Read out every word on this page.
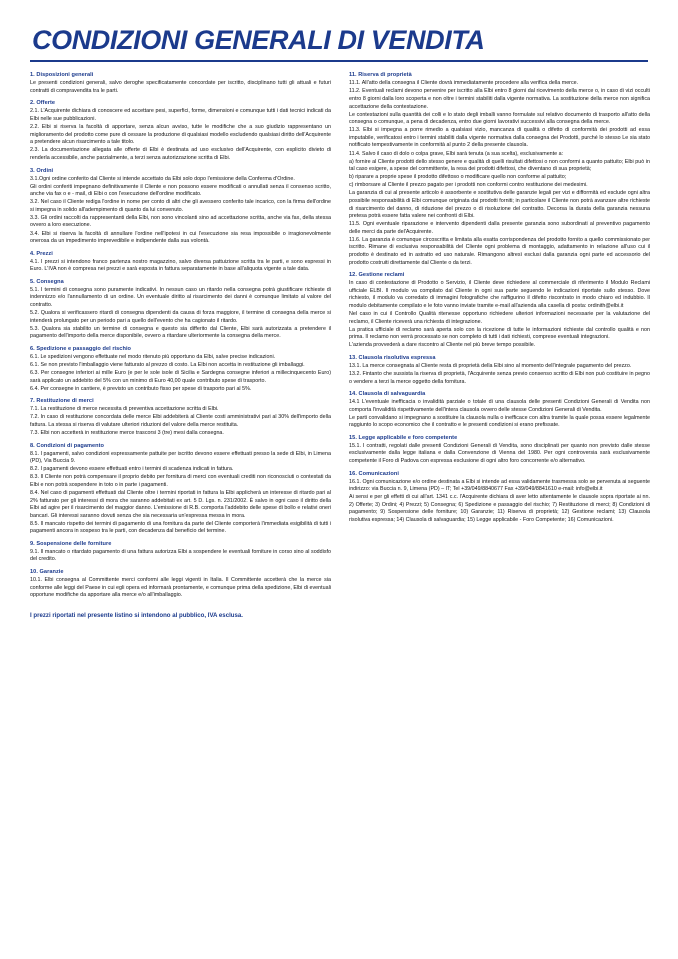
CONDIZIONI GENERALI DI VENDITA
1. Disposizioni generali

Le presenti condizioni generali, salvo deroghe specificatamente concordate per iscritto, disciplinano tutti gli attuali e futuri contratti di compravendita tra le parti.

2. Offerte

2.1. L'Acquirente dichiara di conoscere ed accettare pesi, superfici, forme, dimensioni e comunque tutti i dati tecnici indicati da Elbi nelle sue pubblicazioni.

2.2. Elbi si riserva la facoltà di apportare, senza alcun avviso, tutte le modifiche che a suo giudizio rappresentano un miglioramento del prodotto come pure di cessare la produzione di qualsiasi modello escludendo qualsiasi diritto dell'Acquirente a pretendere alcun risarcimento a tale titolo.

2.3. La documentazione allegata alle offerte di Elbi è destinata ad uso esclusivo dell'Acquirente, con esplicito divieto di renderla accessibile, anche parzialmente, a terzi senza autorizzazione scritta di Elbi.

3. Ordini

3.1.Ogni ordine conferito dal Cliente si intende accettato da Elbi solo dopo l'emissione della Conferma d'Ordine.

Gli ordini conferiti impegnano definitivamente il Cliente e non possono essere modificati o annullati senza il consenso scritto, anche via fax o e - mail, di Elbi o con l'esecuzione dell'ordine modificato.

3.2. Nel caso il Cliente rediga l'ordine in nome per conto di altri che gli avessero conferito tale incarico, con la firma dell'ordine si impegna in solido all'adempimento di quanto da lui convenuto.

3.3. Gli ordini raccolti da rappresentanti della Elbi, non sono vincolanti sino ad accettazione scritta, anche via fax, della stessa ovvero a loro esecuzione.

3.4. Elbi si riserva la facoltà di annullare l'ordine nell'ipotesi in cui l'esecuzione sia resa impossibile o irragionevolmente onerosa da un impedimento imprevedibile e indipendente dalla sua volontà.

4. Prezzi

4.1. I prezzi si intendono franco partenza nostro magazzino, salvo diversa pattuizione scritta tra le parti, e sono espressi in Euro. L'IVA non è compresa nei prezzi e sarà esposta in fattura separatamente in base all'aliquota vigente a tale data.

5. Consegna

5.1. I termini di consegna sono puramente indicativi. In nessun caso un ritardo nella consegna potrà giustificare richieste di indennizzo e/o l'annullamento di un ordine. Un eventuale diritto al risarcimento dei danni è comunque limitato al valore del contratto.

5.2. Qualora si verificassero ritardi di consegna dipendenti da causa di forza maggiore, il termine di consegna della merce si intenderà prolungato per un periodo pari a quello dell'evento che ha cagionato il ritardo.

5.3. Qualora sia stabilito un termine di consegna e questo sia differito dal Cliente, Elbi sarà autorizzata a pretendere il pagamento dell'importo della merce disponibile, ovvero a ritardare ulteriormente la consegna della merce.

6. Spedizione e passaggio del rischio

6.1. Le spedizioni vengono effettuate nel modo ritenuto più opportuno da Elbi, salve precise indicazioni.

6.1. Se non previsto l'imballaggio viene fatturato al prezzo di costo. La Elbi non accetta in restituzione gli imballaggi.

6.3. Per consegne inferiori ai mille Euro (e per le sole isole di Sicilia e Sardegna consegne inferiori a millecinquecento Euro) sarà applicato un addebito del 5% con un minimo di Euro 40,00 quale contributo spese di trasporto.

6.4. Per consegne in cantiere, è previsto un contributo fisso per spese di trasporto pari al 5%.

7. Restituzione di merci

7.1. La restituzione di merce necessita di preventiva accettazione scritta di Elbi.

7.2. In caso di restituzione concordata delle merce Elbi addebiterà al Cliente costi amministrativi pari al 30% dell'importo della fattura. La stessa si riserva di valutare ulteriori riduzioni del valore della merce restituita.

7.3. Elbi non accetterà in restituzione merce trascorsi 3 (tre) mesi dalla consegna.

8. Condizioni di pagamento

8.1. I pagamenti, salvo condizioni espressamente pattuite per iscritto devono essere effettuati presso la sede di Elbi, in Limena (PD), Via Buccia 9.

8.2. I pagamenti devono essere effettuati entro i termini di scadenza indicati in fattura.

8.3. Il Cliente non potrà compensare il proprio debito per fornitura di merci con eventuali crediti non riconosciuti o contestati da Elbi e non potrà sospendere in toto o in parte i pagamenti.

8.4. Nel caso di pagamenti effettuati dal Cliente oltre i termini riportati in fattura la Elbi applicherà un interesse di ritardo pari al 2% fatturato per gli interessi di mora che saranno addebitati ex art. 5 D. Lgs. n. 231/2002. È salvo in ogni caso il diritto della Elbi ad agire per il risarcimento del maggior danno. L'emissione di R.B. comporta l'addebito delle spese di bollo e relativi oneri bancari. Gli interessi saranno dovuti senza che sia necessaria un'espressa messa in mora.

8.5. Il mancato rispetto dei termini di pagamento di una fornitura da parte del Cliente comporterà l'immediata esigibilità di tutti i pagamenti ancora in sospeso tra le parti, con decadenza dal beneficio del termine.

9. Sospensione delle forniture

9.1. Il mancato o ritardato pagamento di una fattura autorizza Elbi a sospendere le eventuali forniture in corso sino al soddisfo del credito.

10. Garanzie

10.1. Elbi consegna al Committente merci conformi alle leggi vigenti in Italia. Il Committente accetterà che la merce sia conforme alle leggi del Paese in cui egli opera ed informarà prontamente, e comunque prima della spedizione, Elbi di eventuali opportune modifiche da apportare alla merce e/o all'imballaggio.

11. Riserva di proprietà

11.1. All'atto della consegna il Cliente dovrà immediatamente procedere alla verifica della merce.

11.2. Eventuali reclami devono pervenire per iscritto alla Elbi entro 8 giorni dal ricevimento della merce o, in caso di vizi occulti entro 8 giorni dalla loro scoperta e non oltre i termini stabiliti dalla vigente normativa. La sostituzione della merce non significa accettazione della contestazione.

Le contestazioni sulla quantità dei colli e lo stato degli imballi vanno formulate sul relativo documento di trasporto all'atto della consegna o comunque, a pena di decadenza, entro due giorni lavorativi successivi alla consegna della merce.

11.3. Elbi si impegna a porre rimedio a qualsiasi vizio, mancanza di qualità o difetto di conformità dei prodotti ad essa imputabile, verificatosi entro i termini stabiliti dalla vigente normativa dalla consegna dei Prodotti, purché lo stesso Le sia stato notificato tempestivamente in conformità al punto 2 della presente clausola.

11.4. Salvo il caso di dolo o colpa grave, Elbi sarà tenuta (a sua scelta), esclusivamente a:

a) fornire al Cliente prodotti dello stesso genere e qualità di quelli risultati difettosi o non conformi a quanto pattuito; Elbi può in tal caso esigere, a spese del committente, la resa dei prodotti difettosi, che diventano di sua proprietà;

b) riparare a proprie spese il prodotto difettoso o modificare quello non conforme al pattuito;

c) rimborsare al Cliente il prezzo pagato per i prodotti non conformi contro restituzione dei medesimi.

La garanzia di cui al presente articolo è assorbente e sostitutiva delle garanzie legali per vizi e difformità ed esclude ogni altra possibile responsabilità di Elbi comunque originata dai prodotti forniti; in particolare il Cliente non potrà avanzare altre richieste di risarcimento del danno, di riduzione del prezzo o di risoluzione del contratto. Decorsa la durata della garanzia nessuna pretesa potrà essere fatta valere nei confronti di Elbi.

11.5. Ogni eventuale riparazione e intervento dipendenti dalla presente garanzia sono subordinati al preventivo pagamento delle merci da parte del'Acquirente.

11.6. La garanzia è comunque circoscritta e limitata alla esatta corrispondenza del prodotto fornito a quello commissionato per iscritto. Rimane di esclusiva responsabilità del Cliente ogni problema di montaggio, adattamento in relazione all'uso cui il prodotto è destinato ed in astratto ed uso naturale. Rimangono altresì esclusi dalla garanzia ogni parte ed accessorio del prodotto costruiti direttamente dal Cliente o da terzi.

12. Gestione reclami

In caso di contestazione di Prodotto o Servizio, il Cliente deve richiedere al commerciale di riferimento il Modulo Reclami ufficiale ELBI. Il modulo va compilato dal Cliente in ogni sua parte seguendo le indicazioni riportate sullo stesso. Dove richiesto, il modulo va corredato di immagini fotografiche che raffigurino il difetto riscontrato in modo chiaro ed indubbio. Il modulo debitamente compilato e le foto vanno inviate tramite e-mail all'azienda alla casella di posta: ordinith@elbi.it

Nel caso in cui il Controllo Qualità ritenesse opportuno richiedere ulteriori informazioni necessarie per la valutazione del reclamo, il Cliente riceverà una richiesta di integrazione.

La pratica ufficiale di reclamo sarà aperta solo con la ricezione di tutte le informazioni richieste dal controllo qualità e non prima. Il reclamo non verrà processato se non completo di tutti i dati richiesti, comprese eventuali integrazioni.

L'azienda provvederà a dare riscontro al Cliente nel più breve tempo possibile.

13. Clausola risolutiva espressa

13.1. La merce consegnata al Cliente resta di proprietà della Elbi sino al momento dell'integrale pagamento del prezzo.

13.2. Fintanto che sussista la riserva di proprietà, l'Acquirente senza previo consenso scritto di Elbi non può costituire in pegno o vendere a terzi la merce oggetto della fornitura.

14. Clausola di salvaguardia

14.1 L'eventuale inefficacia o invalidità parziale o totale di una clausola delle presenti Condizioni Generali di Vendita non comporta l'invalidità rispettivamente dell'intera clausola ovvero delle stesse Condizioni Generali di Vendita.

Le parti convalidano si impegnano a sostituire la clausola nulla o inefficace con altra tramite la quale possa essere legalmente raggiunto lo scopo economico che il contratto e le presenti condizioni si erano prefissate.

15. Legge applicabile e foro competente

15.1. I contratti, regolati dalle presenti Condizioni Generali di Vendita, sono disciplinati per quanto non previsto dalle stesse esclusivamente dalla legge italiana e dalla Convenzione di Vienna del 1980. Per ogni controversia sarà esclusivamente competente il Foro di Padova con espressa esclusione di ogni altro foro concorrente e/o alternativo.

16. Comunicazioni

16.1. Ogni comunicazione e/o ordine destinata a Elbi si intende ad essa validamente trasmessa solo se pervenuta ai seguente indirizzo: via Buccia n. 9, Limena (PD) – IT; Tel +39/049/8840677 Fax +39/049/8841610 e-mail: info@elbi.it

Ai sensi e per gli effetti di cui all'art. 1341 c.c. l'Acquirente dichiara di aver letto attentamente le clausole sopra riportate ai nn. 2) Offerte; 3) Ordini; 4) Prezzi; 5) Consegna; 6) Spedizione e passaggio del rischio; 7) Restituzione di merci; 8) Condizioni di pagamento; 9) Sospensione delle forniture; 10) Garanzie; 11) Riserva di proprietà; 12) Gestione reclami; 13) Clausola risolutiva espressa; 14) Clausola di salvaguardia; 15) Legge applicabile - Foro Competente; 16) Comunicazioni.

I prezzi riportati nel presente listino si intendono al pubblico, IVA esclusa.
